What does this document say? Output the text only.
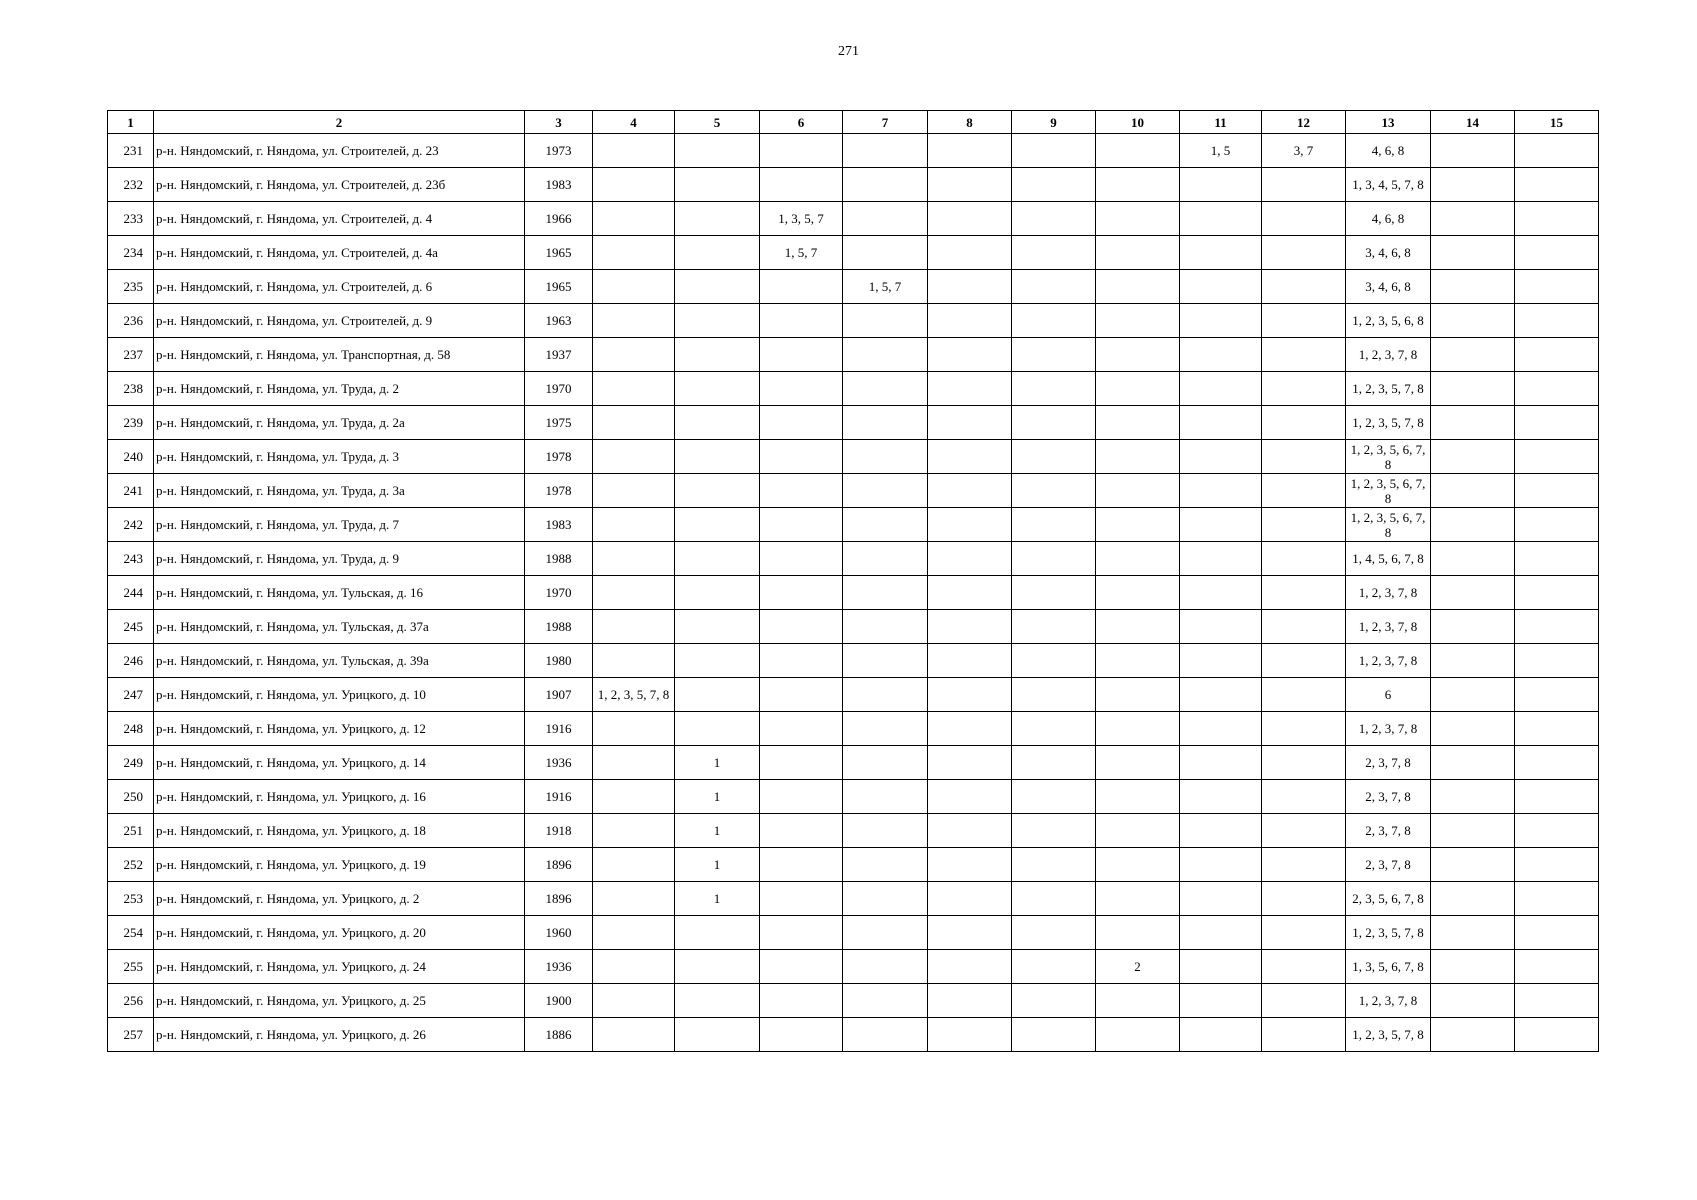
271
1	2	3	4	5	6	7	8	9	10	11	12	13	14	15
231	р-н. Няндомский, г. Няндома, ул. Строителей, д. 23	1973								1, 5	3, 7	4, 6, 8		
232	р-н. Няндомский, г. Няндома, ул. Строителей, д. 23б	1983										1, 3, 4, 5, 7, 8		
233	р-н. Няндомский, г. Няндома, ул. Строителей, д. 4	1966			1, 3, 5, 7							4, 6, 8		
234	р-н. Няндомский, г. Няндома, ул. Строителей, д. 4а	1965			1, 5, 7							3, 4, 6, 8		
235	р-н. Няндомский, г. Няндома, ул. Строителей, д. 6	1965				1, 5, 7						3, 4, 6, 8		
236	р-н. Няндомский, г. Няндома, ул. Строителей, д. 9	1963										1, 2, 3, 5, 6, 8		
237	р-н. Няндомский, г. Няндома, ул. Транспортная, д. 58	1937										1, 2, 3, 7, 8		
238	р-н. Няндомский, г. Няндома, ул. Труда, д. 2	1970										1, 2, 3, 5, 7, 8		
239	р-н. Няндомский, г. Няндома, ул. Труда, д. 2а	1975										1, 2, 3, 5, 7, 8		
240	р-н. Няндомский, г. Няндома, ул. Труда, д. 3	1978										1, 2, 3, 5, 6, 7, 8		
241	р-н. Няндомский, г. Няндома, ул. Труда, д. 3а	1978										1, 2, 3, 5, 6, 7, 8		
242	р-н. Няндомский, г. Няндома, ул. Труда, д. 7	1983										1, 2, 3, 5, 6, 7, 8		
243	р-н. Няндомский, г. Няндома, ул. Труда, д. 9	1988										1, 4, 5, 6, 7, 8		
244	р-н. Няндомский, г. Няндома, ул. Тульская, д. 16	1970										1, 2, 3, 7, 8		
245	р-н. Няндомский, г. Няндома, ул. Тульская, д. 37а	1988										1, 2, 3, 7, 8		
246	р-н. Няндомский, г. Няндома, ул. Тульская, д. 39а	1980										1, 2, 3, 7, 8		
247	р-н. Няндомский, г. Няндома, ул. Урицкого, д. 10	1907	1, 2, 3, 5, 7, 8									6		
248	р-н. Няндомский, г. Няндома, ул. Урицкого, д. 12	1916										1, 2, 3, 7, 8		
249	р-н. Няндомский, г. Няндома, ул. Урицкого, д. 14	1936		1								2, 3, 7, 8		
250	р-н. Няндомский, г. Няндома, ул. Урицкого, д. 16	1916		1								2, 3, 7, 8		
251	р-н. Няндомский, г. Няндома, ул. Урицкого, д. 18	1918		1								2, 3, 7, 8		
252	р-н. Няндомский, г. Няндома, ул. Урицкого, д. 19	1896		1								2, 3, 7, 8		
253	р-н. Няндомский, г. Няндома, ул. Урицкого, д. 2	1896		1								2, 3, 5, 6, 7, 8		
254	р-н. Няндомский, г. Няндома, ул. Урицкого, д. 20	1960										1, 2, 3, 5, 7, 8		
255	р-н. Няндомский, г. Няндома, ул. Урицкого, д. 24	1936							2			1, 3, 5, 6, 7, 8		
256	р-н. Няндомский, г. Няндома, ул. Урицкого, д. 25	1900										1, 2, 3, 7, 8		
257	р-н. Няндомский, г. Няндома, ул. Урицкого, д. 26	1886										1, 2, 3, 5, 7, 8		
